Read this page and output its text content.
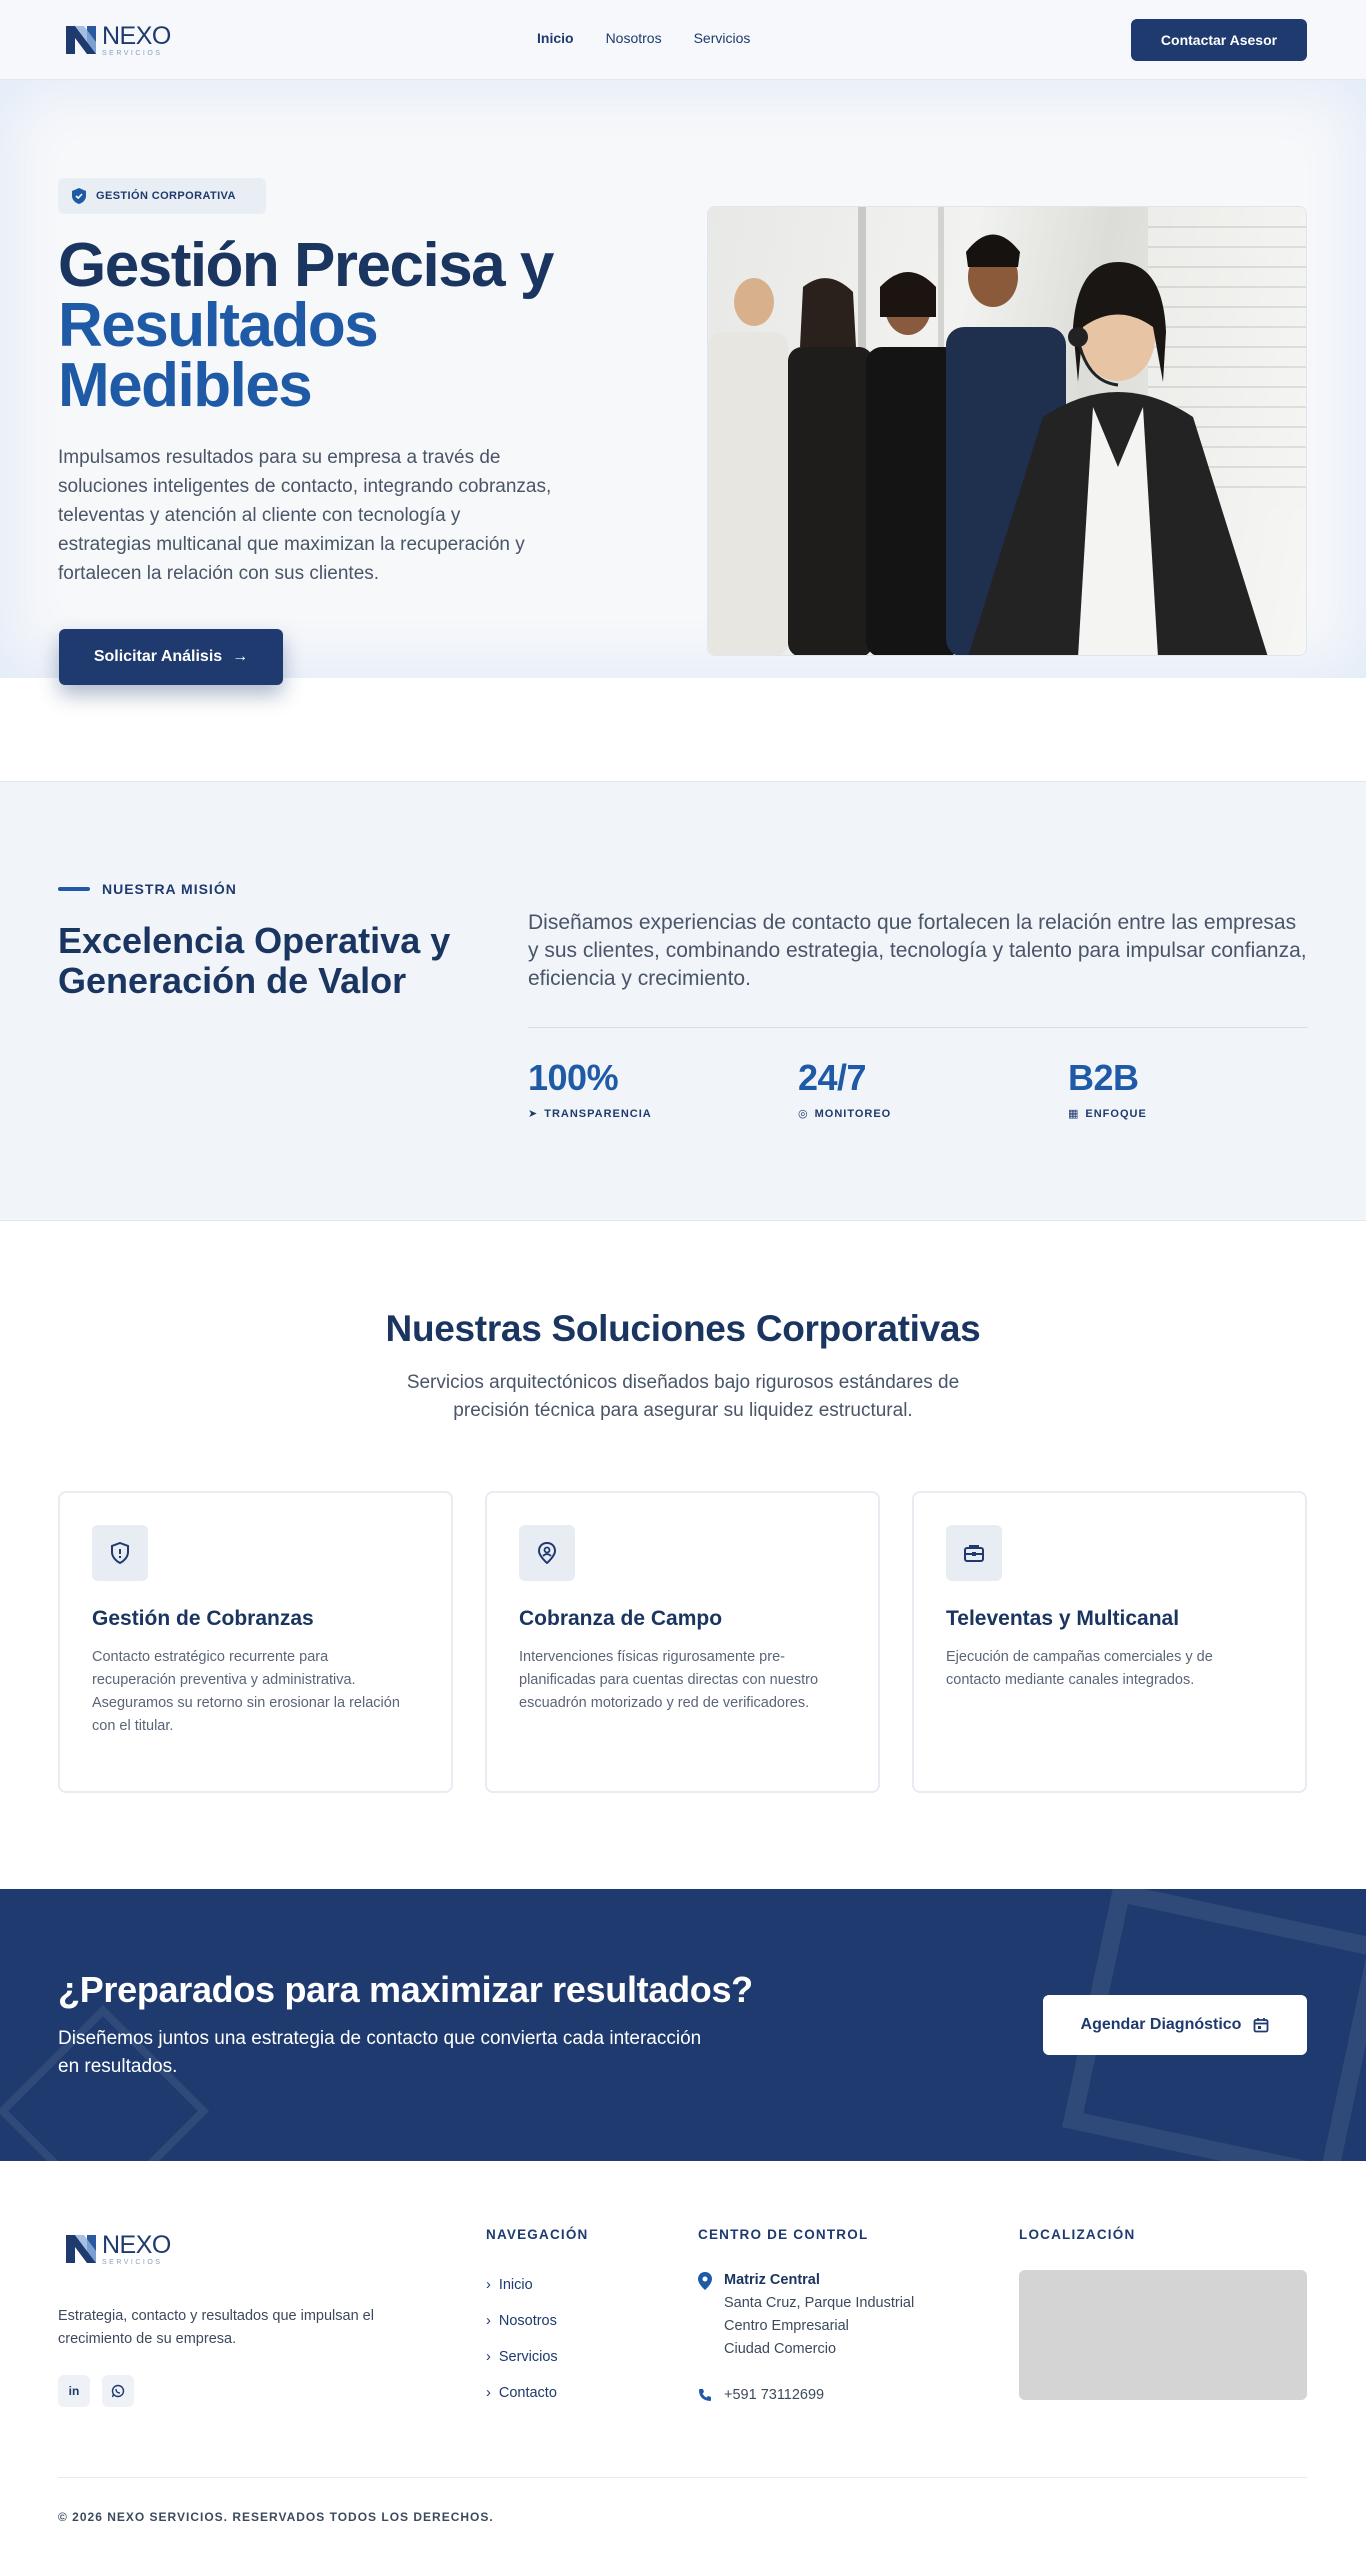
NEXO
SERVICIOS
Inicio Nosotros Servicios	Contactar Asesor
GESTIÓN CORPORATIVA
Gestión Precisa y
Resultados
Medibles

Impulsamos resultados para su empresa a través de soluciones inteligentes de contacto, integrando cobranzas, televentas y atención al cliente con tecnología y estrategias multicanal que maximizan la recuperación y fortalecen la relación con sus clientes.

Solicitar Análisis →
NUESTRA MISIÓN
Excelencia Operativa y Generación de Valor

Diseñamos experiencias de contacto que fortalecen la relación entre las empresas y sus clientes, combinando estrategia, tecnología y talento para impulsar confianza, eficiencia y crecimiento.

100%
➤ TRANSPARENCIA
24/7
◎ MONITOREO
B2B
▦ ENFOQUE
Nuestras Soluciones Corporativas

Servicios arquitectónicos diseñados bajo rigurosos estándares de precisión técnica para asegurar su liquidez estructural.

Gestión de Cobranzas

Contacto estratégico recurrente para recuperación preventiva y administrativa. Aseguramos su retorno sin erosionar la relación con el titular.

Cobranza de Campo

Intervenciones físicas rigurosamente pre-planificadas para cuentas directas con nuestro escuadrón motorizado y red de verificadores.

Televentas y Multicanal

Ejecución de campañas comerciales y de contacto mediante canales integrados.

¿Preparados para maximizar resultados?

Diseñemos juntos una estrategia de contacto que convierta cada interacción en resultados.

Agendar Diagnóstico
NEXO
SERVICIOS

Estrategia, contacto y resultados que impulsan el crecimiento de su empresa.

in
NAVEGACIÓN
› Inicio
› Nosotros
› Servicios
› Contacto
CENTRO DE CONTROL
Matriz Central
Santa Cruz, Parque Industrial
Centro Empresarial
Ciudad Comercio
+591 73112699
LOCALIZACIÓN

© 2026 NEXO SERVICIOS. RESERVADOS TODOS LOS DERECHOS.
